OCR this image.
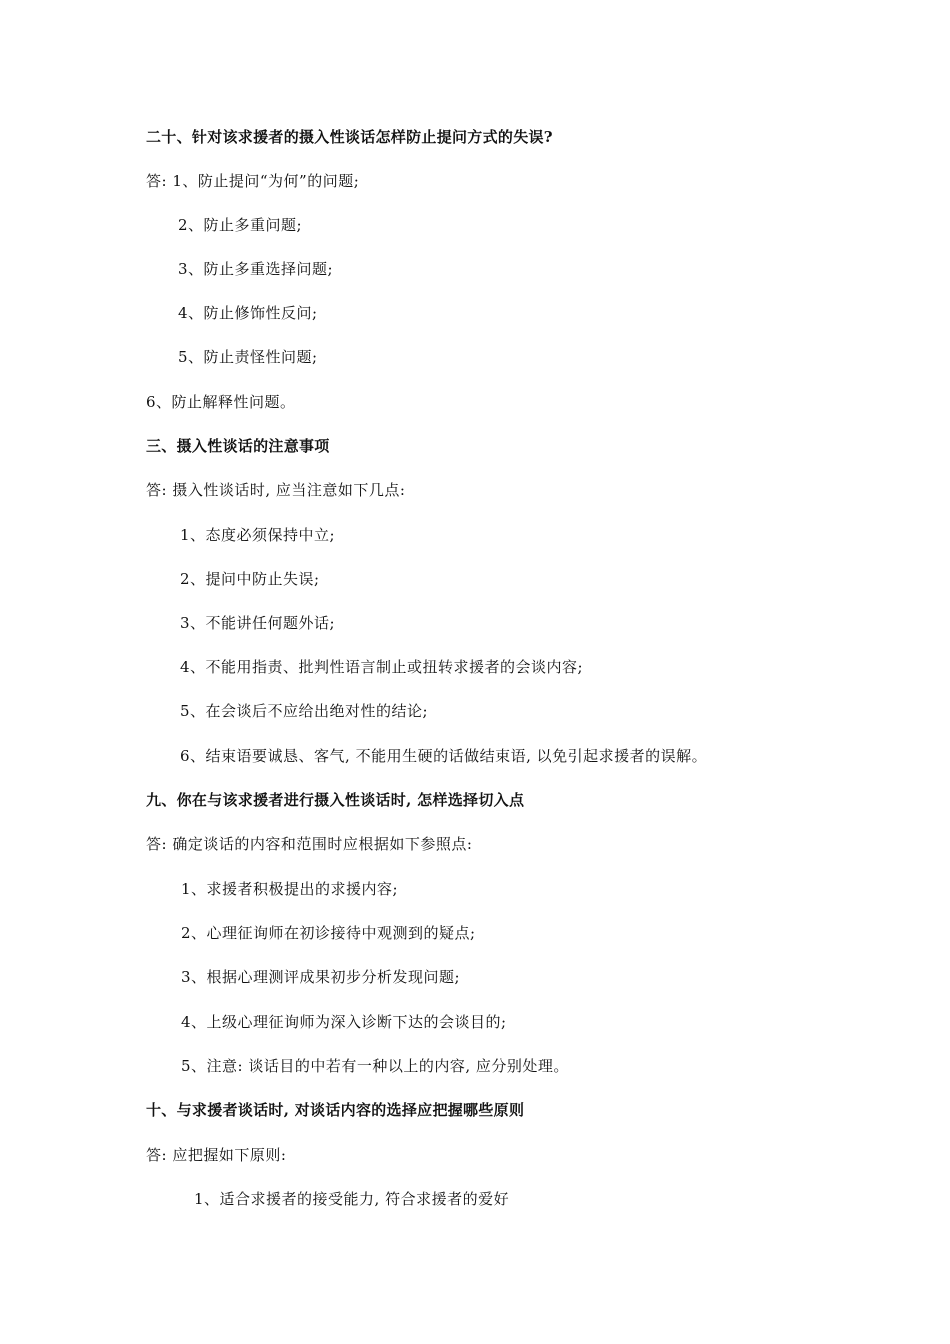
二十、针对该求援者的摄入性谈话怎样防止提问方式的失误?
答: 1、防止提问“为何”的问题;
2、防止多重问题;
3、防止多重选择问题;
4、防止修饰性反问;
5、防止责怪性问题;
6、防止解释性问题。
三、摄入性谈话的注意事项
答: 摄入性谈话时, 应当注意如下几点:
1、态度必须保持中立;
2、提问中防止失误;
3、不能讲任何题外话;
4、不能用指责、批判性语言制止或扭转求援者的会谈内容;
5、在会谈后不应给出绝对性的结论;
6、结束语要诚恳、客气, 不能用生硬的话做结束语, 以免引起求援者的误解。
九、你在与该求援者进行摄入性谈话时, 怎样选择切入点
答: 确定谈话的内容和范围时应根据如下参照点:
1、求援者积极提出的求援内容;
2、心理征询师在初诊接待中观测到的疑点;
3、根据心理测评成果初步分析发现问题;
4、上级心理征询师为深入诊断下达的会谈目的;
5、注意: 谈话目的中若有一种以上的内容, 应分别处理。
十、与求援者谈话时, 对谈话内容的选择应把握哪些原则
答: 应把握如下原则:
1、适合求援者的接受能力, 符合求援者的爱好
